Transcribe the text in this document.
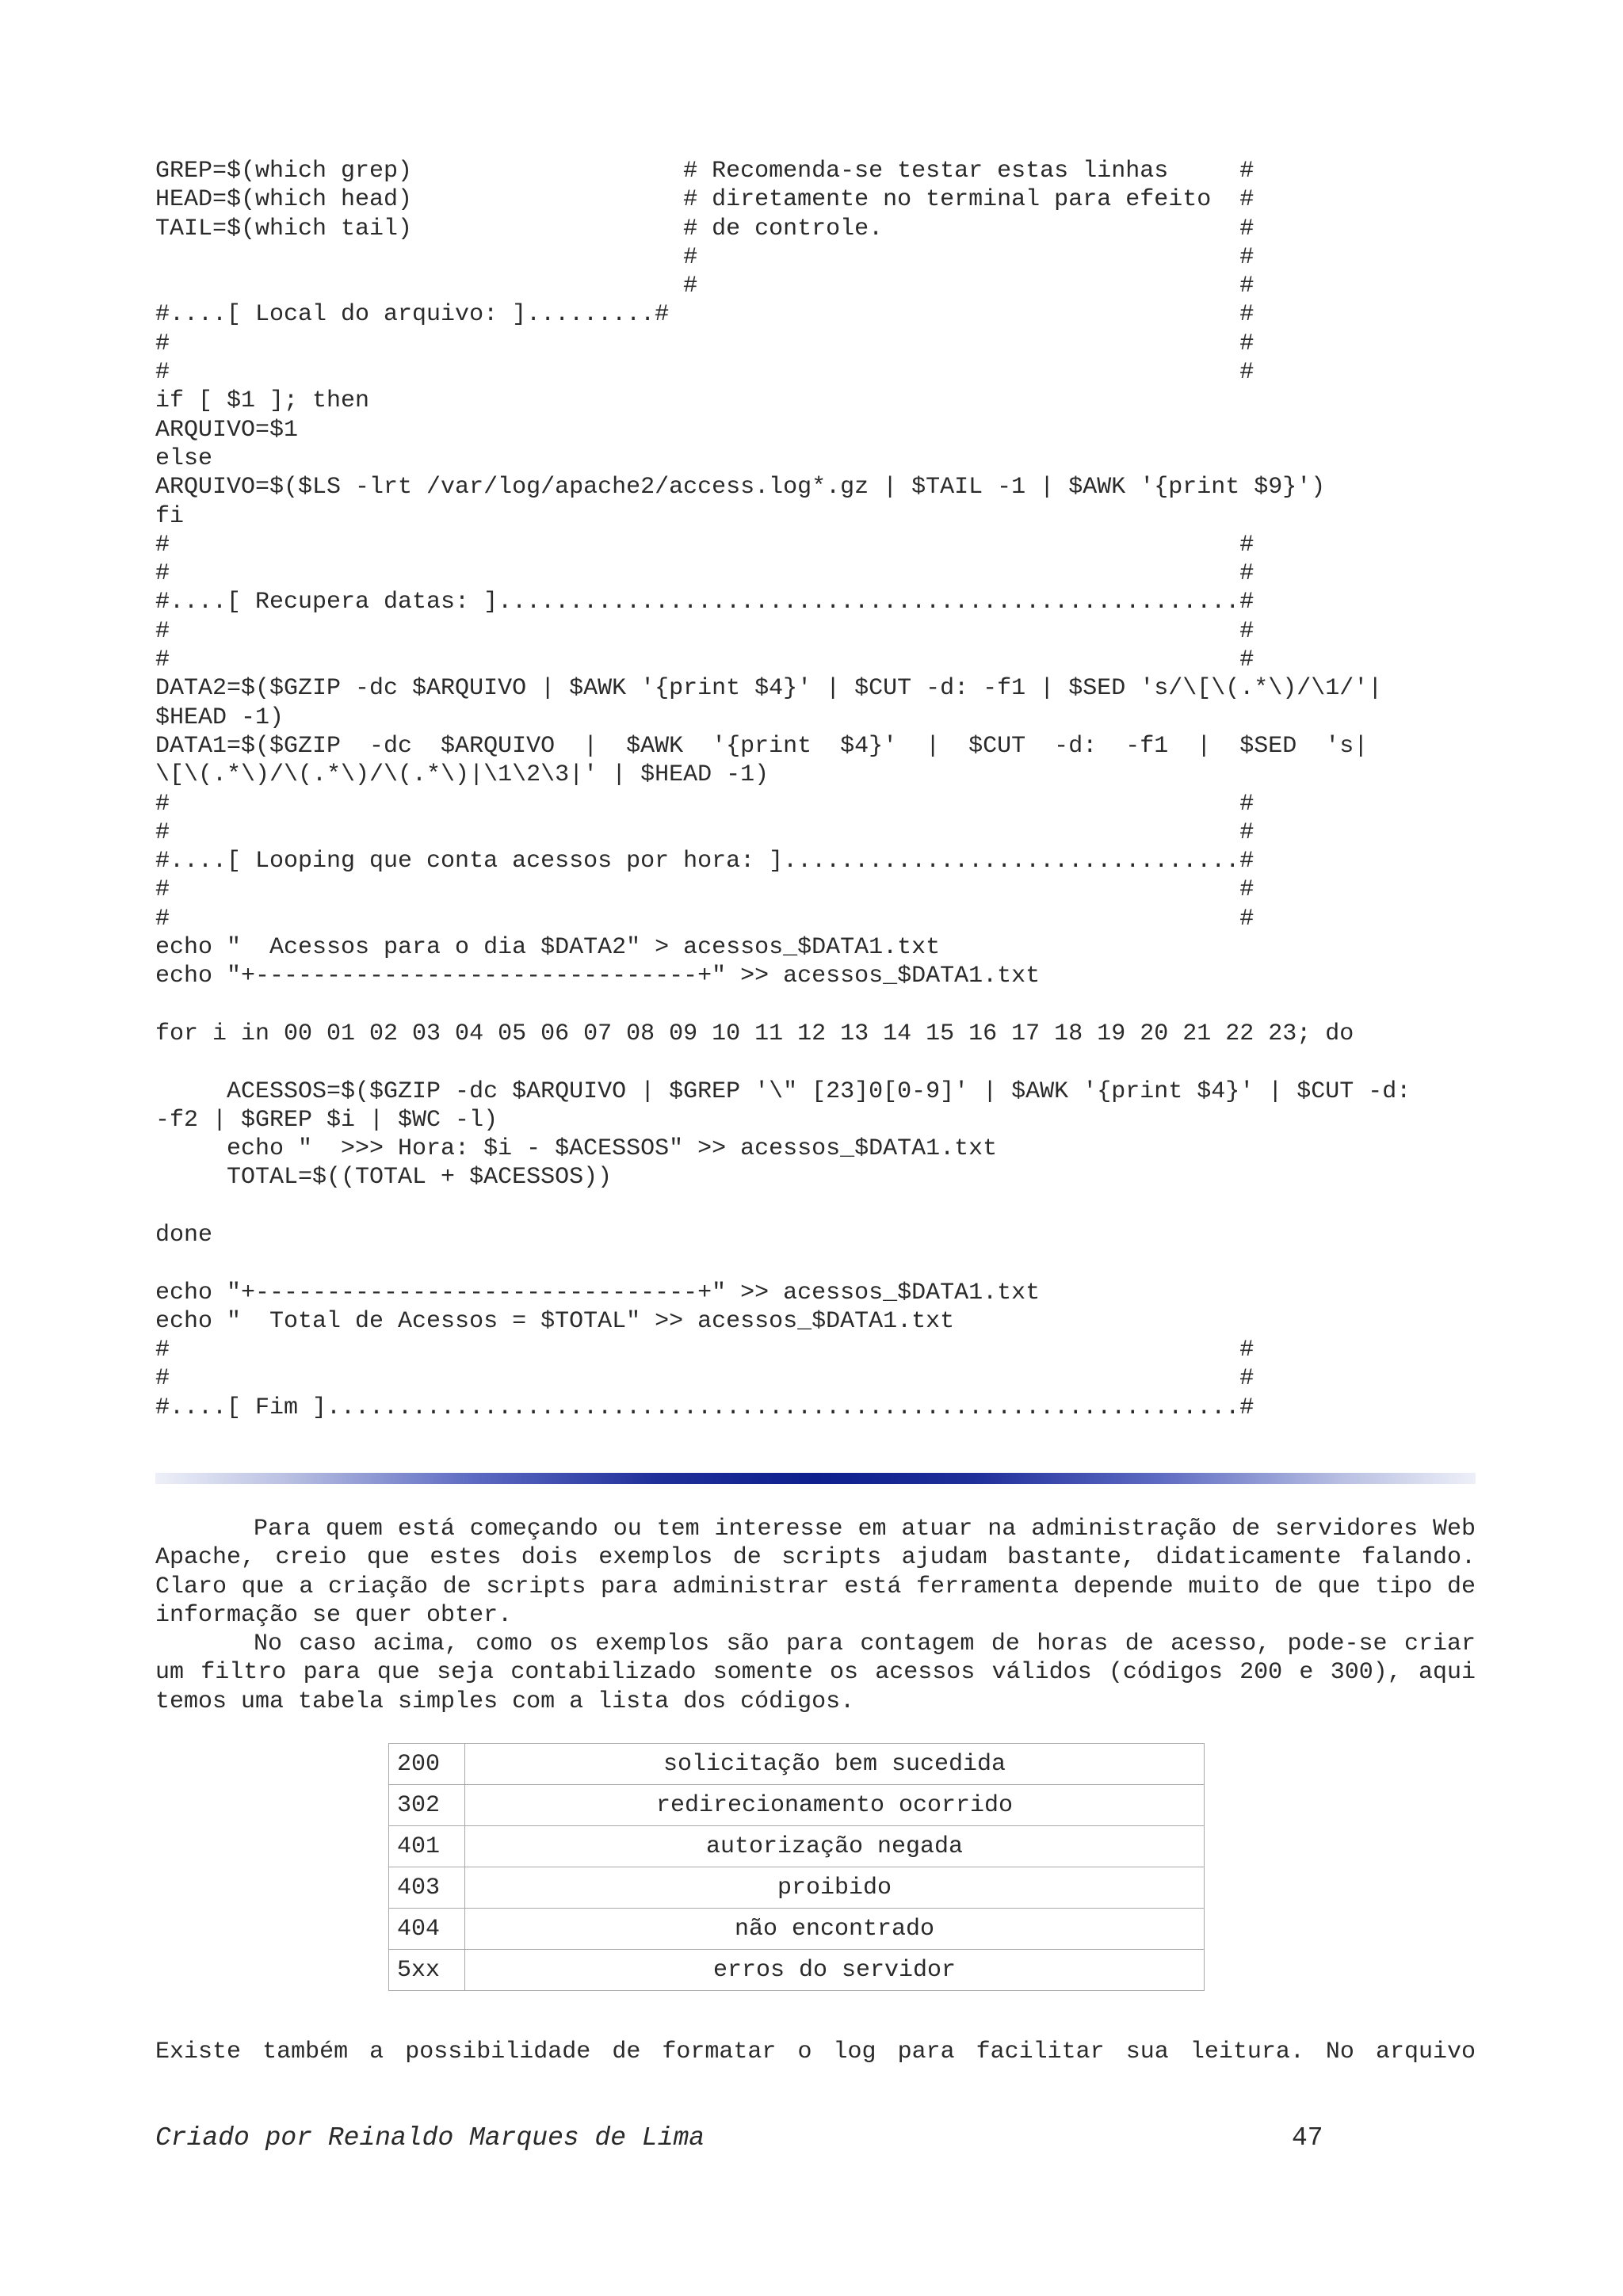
GREP=$(which grep)                   # Recomenda-se testar estas linhas     #
HEAD=$(which head)                   # diretamente no terminal para efeito  #
TAIL=$(which tail)                   # de controle.                         #
#                                      #
#                                      #
#....[ Local do arquivo: ].........#                                        #
#                                                                           #
#                                                                           #
if [ $1 ]; then
ARQUIVO=$1
else
ARQUIVO=$($LS -lrt /var/log/apache2/access.log*.gz | $TAIL -1 | $AWK '{print $9}')
fi
#                                                                           #
#                                                                           #
#....[ Recupera datas: ]....................................................#
#                                                                           #
#                                                                           #
DATA2=$($GZIP -dc $ARQUIVO | $AWK '{print $4}' | $CUT -d: -f1 | $SED 's/\[\(.*\)/\1/'|
$HEAD -1)
DATA1=$($GZIP  -dc  $ARQUIVO  |  $AWK  '{print  $4}'  |  $CUT  -d:  -f1  |  $SED  's|
\[\(.*\)/\(.*\)/\(.*\)|\1\2\3|' | $HEAD -1)
#                                                                           #
#                                                                           #
#....[ Looping que conta acessos por hora: ]................................#
#                                                                           #
#                                                                           #
echo "  Acessos para o dia $DATA2" > acessos_$DATA1.txt
echo "+-------------------------------+" >> acessos_$DATA1.txt
for i in 00 01 02 03 04 05 06 07 08 09 10 11 12 13 14 15 16 17 18 19 20 21 22 23; do
ACESSOS=$($GZIP -dc $ARQUIVO | $GREP '\" [23]0[0-9]' | $AWK '{print $4}' | $CUT -d:
-f2 | $GREP $i | $WC -l)
echo "  >>> Hora: $i - $ACESSOS" >> acessos_$DATA1.txt
TOTAL=$((TOTAL + $ACESSOS))
done
echo "+-------------------------------+" >> acessos_$DATA1.txt
echo "  Total de Acessos = $TOTAL" >> acessos_$DATA1.txt
#                                                                           #
#                                                                           #
#....[ Fim ]................................................................#

Para quem está começando ou tem interesse em atuar na administração de servidores Web Apache, creio que estes dois exemplos de scripts ajudam bastante, didaticamente falando. Claro que a criação de scripts para administrar está ferramenta depende muito de que tipo de informação se quer obter.

No caso acima, como os exemplos são para contagem de horas de acesso, pode-se criar um filtro para que seja contabilizado somente os acessos válidos (códigos 200 e 300), aqui temos uma tabela simples com a lista dos códigos.

200	solicitação bem sucedida
302	redirecionamento ocorrido
401	autorização negada
403	proibido
404	não encontrado
5xx	erros do servidor
Existe também a possibilidade de formatar o log para facilitar sua leitura. No arquivo
Criado por Reinaldo Marques de Lima	47
